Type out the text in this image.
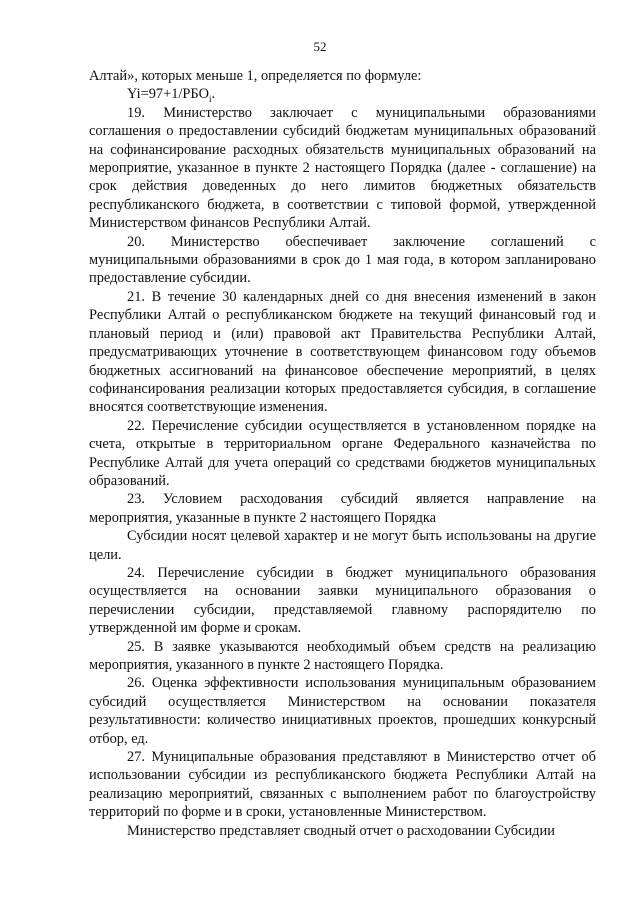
52

Алтай», которых меньше 1, определяется по формуле:

$Yi=97+1/РБО_i$.

19. Министерство заключает с муниципальными образованиями соглашения о предоставлении субсидий бюджетам муниципальных образований на софинансирование расходных обязательств муниципальных образований на мероприятие, указанное в пункте 2 настоящего Порядка (далее - соглашение) на срок действия доведенных до него лимитов бюджетных обязательств республиканского бюджета, в соответствии с типовой формой, утвержденной Министерством финансов Республики Алтай.

20. Министерство обеспечивает заключение соглашений с муниципальными образованиями в срок до 1 мая года, в котором запланировано предоставление субсидии.

21. В течение 30 календарных дней со дня внесения изменений в закон Республики Алтай о республиканском бюджете на текущий финансовый год и плановый период и (или) правовой акт Правительства Республики Алтай, предусматривающих уточнение в соответствующем финансовом году объемов бюджетных ассигнований на финансовое обеспечение мероприятий, в целях софинансирования реализации которых предоставляется субсидия, в соглашение вносятся соответствующие изменения.

22. Перечисление субсидии осуществляется в установленном порядке на счета, открытые в территориальном органе Федерального казначейства по Республике Алтай для учета операций со средствами бюджетов муниципальных образований.

23. Условием расходования субсидий является направление на мероприятия, указанные в пункте 2 настоящего Порядка

Субсидии носят целевой характер и не могут быть использованы на другие цели.

24. Перечисление субсидии в бюджет муниципального образования осуществляется на основании заявки муниципального образования о перечислении субсидии, представляемой главному распорядителю по утвержденной им форме и срокам.

25. В заявке указываются необходимый объем средств на реализацию мероприятия, указанного в пункте 2 настоящего Порядка.

26. Оценка эффективности использования муниципальным образованием субсидий осуществляется Министерством на основании показателя результативности: количество инициативных проектов, прошедших конкурсный отбор, ед.

27. Муниципальные образования представляют в Министерство отчет об использовании субсидии из республиканского бюджета Республики Алтай на реализацию мероприятий, связанных с выполнением работ по благоустройству территорий по форме и в сроки, установленные Министерством.

Министерство представляет сводный отчет о расходовании Субсидии
